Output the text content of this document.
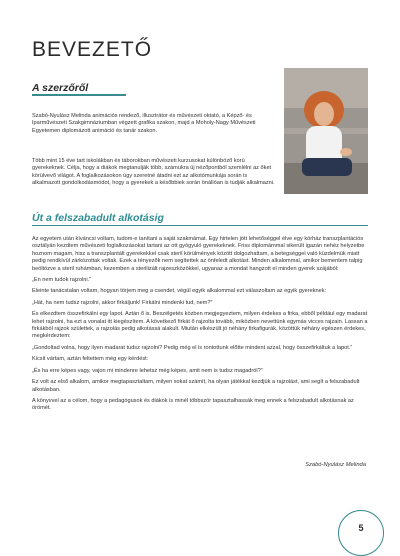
BEVEZETŐ
A szerzőről

Szabó-Nyulász Melinda animációs rendező, illusztrátor és művészeti oktató, a Képző- és Iparművészeti Szakgimnáziumban végzett grafika szakon, majd a Moholy-Nagy Művészeti Egyetemen diplomázott animáció és tanár szakon.

Több mint 15 éve tart iskolákban és táborokban művészeti kurzusokat különböző korú gyerekeknek. Célja, hogy a diákok megtanulják több, számukra új nézőpontból szemlélni az őket körülvevő világot. A foglalkozásokon úgy szeretné átadni ezt az alkotómunkája során is alkalmazott gondolkodásmódot, hogy a gyerekek a későbbiek során önállóan is tudják alkalmazni.

Út a felszabadult alkotásig

Az egyetem után kíváncsi voltam, tudom-e tanítani a saját szakmámat. Egy hirtelen jött lehetőséggel élve egy kórház transzplantációs osztályán kezdtem művészeti foglalkozásokat tartani az ott gyógyuló gyerekeknek. Friss diplomámmal sikerült igazán nehéz helyzetbe hoznom magam, hisz a transzplantált gyerekekkel csak steril körülmények között dolgozhattam, a betegséggel való küzdelmük miatt pedig rendkívül zárkózottak voltak. Ezek a tényezők nem segítettek az önfeledt alkotást. Minden alkalommal, amikor bementem talpig beöltözve a steril ruhámban, kezemben a sterilizált rajzeszközökkel, ugyanaz a mondat hangzott el minden gyerek szájából:

„En nem tudok rajzolni.”

Eleinte tanácstalan voltam, hogyan törjem meg a csendet, végül egyik alkalommal ezt válaszoltam az egyik gyereknek:

„Hát, ha nem tudsz rajzolni, akkor firkáljunk! Firkálni mindenki tud, nem?”

És elkezdtem összefirkálni egy lapot. Aztán ő is. Beszélgetés közben megjegyeztem, milyen érdekes a firka, ebből például egy madarat lehet rajzolni, ha ezt a vonalat itt kiegészítem. A következő firkát ő rajzolta tovább, miközben nevettünk egymás vicces rajzain. Lassan a firkákból rajzok születtek, a rajzolás pedig alkotássá alakult. Miután elkészült jó néhány firkafigurák, közöttük néhány egészen érdekes, megkérdeztem:

„Gondoltad volna, hogy ilyen madarat tudsz rajzolni? Pedig még el is rontottunk előtte mindent azzal, hogy összefirkáltuk a lapot.”

Kicsit vártam, aztán feltettem még egy kérdést:

„És ha erre képes vagy, vajon mi mindenre lehetsz még képes, amit nem is tudsz magadról?”

Ez volt az első alkalom, amikor megtapasztaltam, milyen sokat számít, ha olyan játékkal kezdjük a rajzolást, ami segít a felszabadult alkotásban.

A könyvvel az a célom, hogy a pedagógusok és diákok is minél többször tapasztalhassák meg ennek a felszabadult alkotásnak az örömét.

Szabó-Nyulász Melinda

5
